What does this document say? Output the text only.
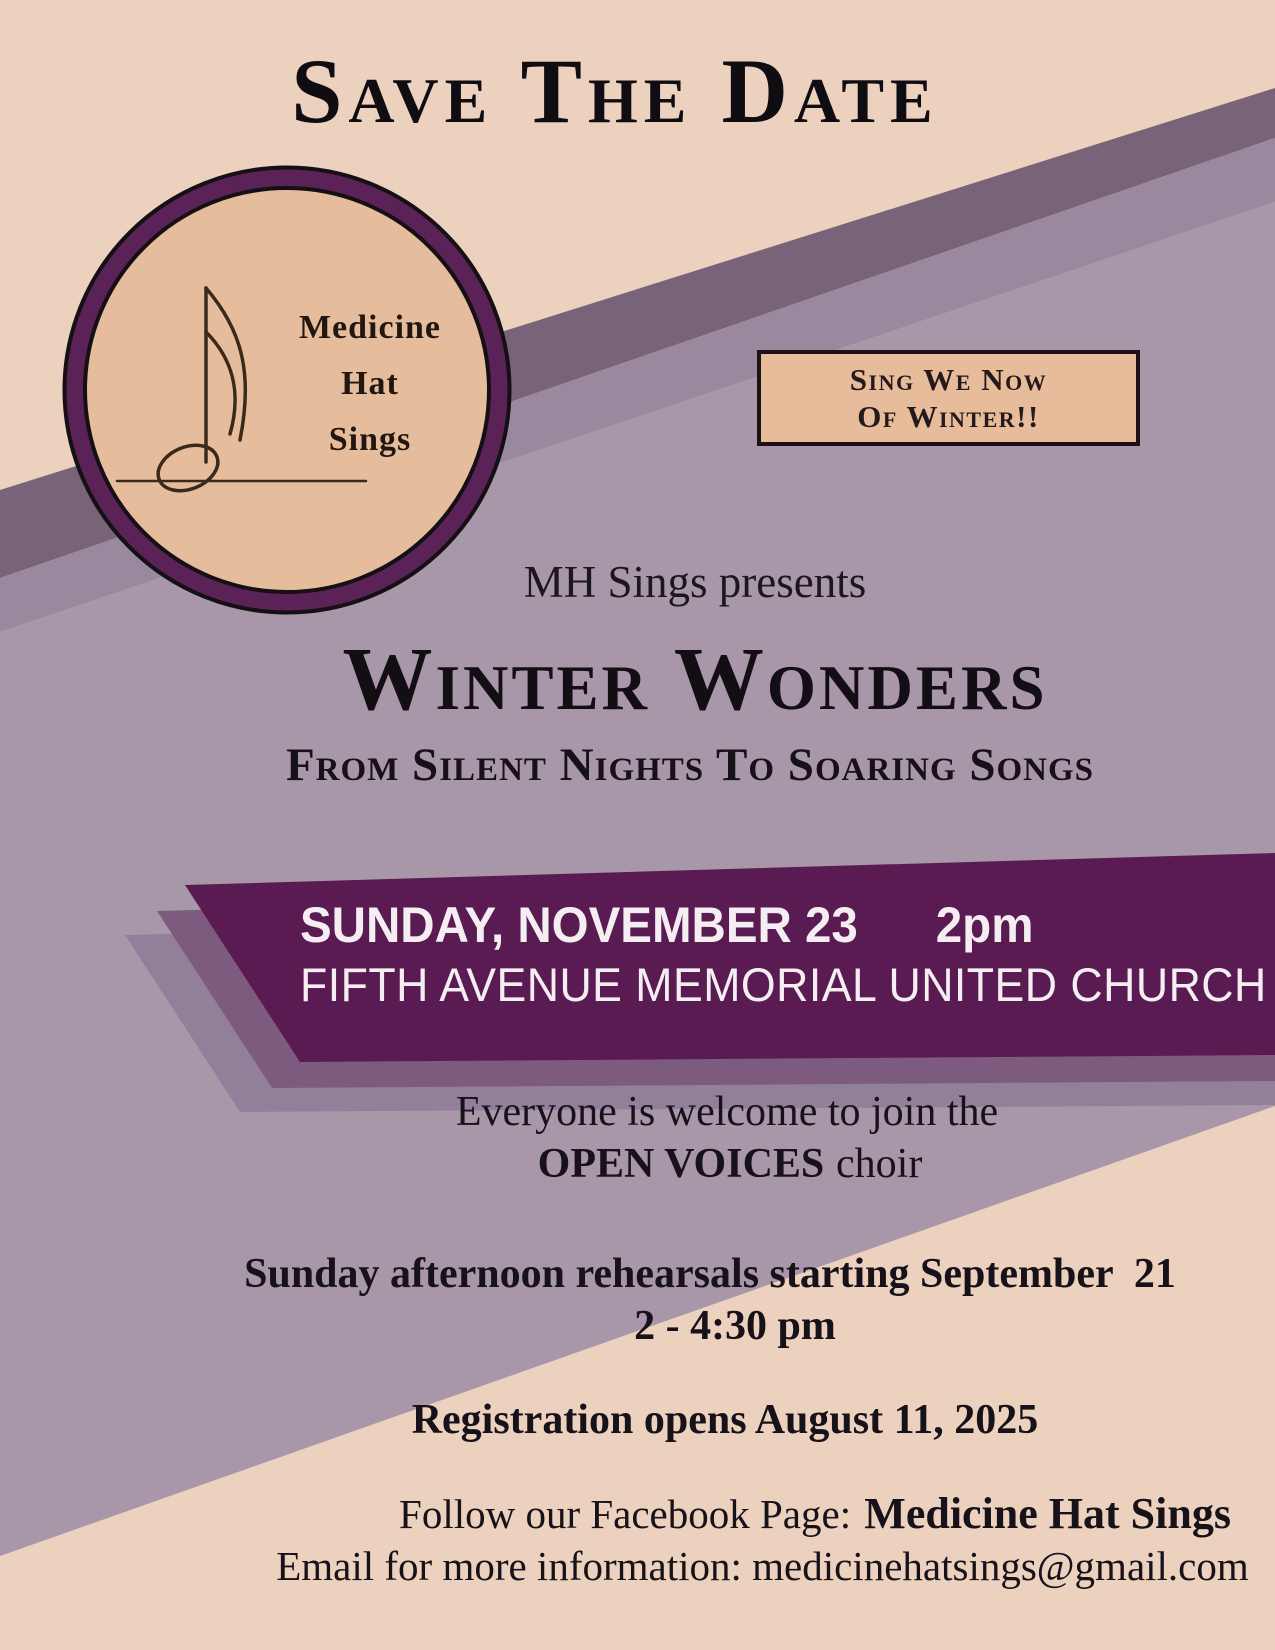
Save The Date
Medicine
Hat
Sings
Sing We Now
Of Winter!!
MH Sings presents
Winter Wonders
From Silent Nights To Soaring Songs
SUNDAY, NOVEMBER 23 2pm
FIFTH AVENUE MEMORIAL UNITED CHURCH
Everyone is welcome to join the
OPEN VOICES choir
Sunday afternoon rehearsals starting September  21
2 - 4:30 pm
Registration opens August 11, 2025
Follow our Facebook Page: Medicine Hat Sings
Email for more information: medicinehatsings@gmail.com
